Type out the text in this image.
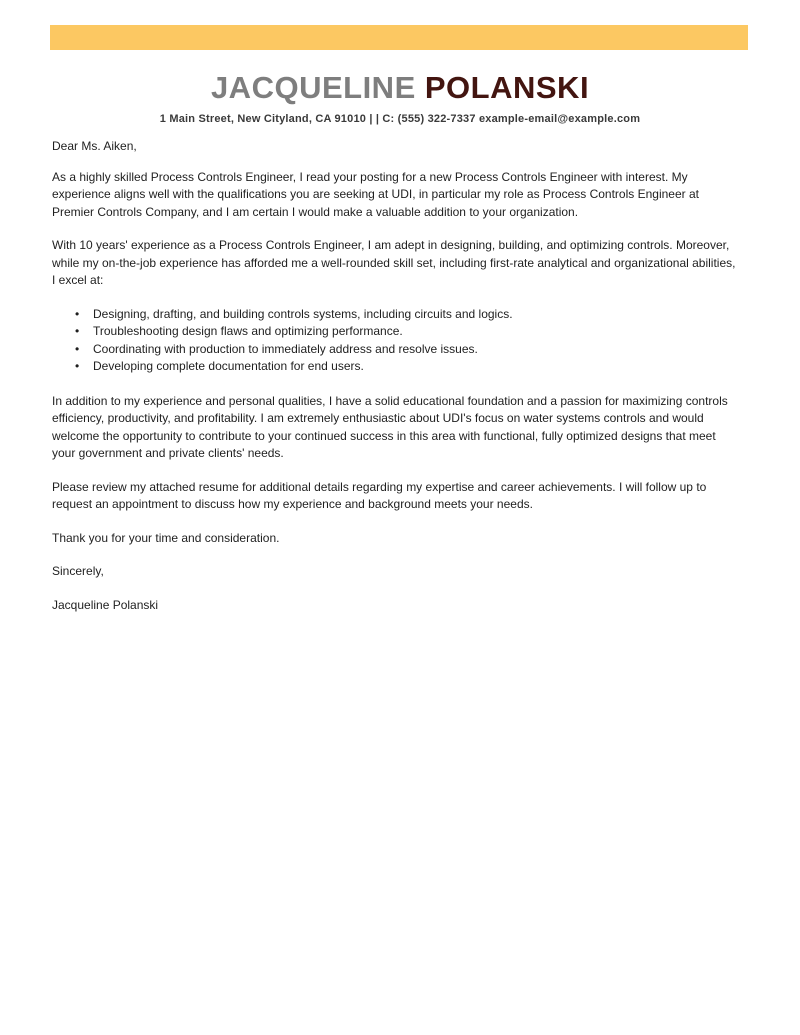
JACQUELINE POLANSKI

1 Main Street, New Cityland, CA 91010 | | C: (555) 322-7337 example-email@example.com

Dear Ms. Aiken,

As a highly skilled Process Controls Engineer, I read your posting for a new Process Controls Engineer with interest. My experience aligns well with the qualifications you are seeking at UDI, in particular my role as Process Controls Engineer at Premier Controls Company, and I am certain I would make a valuable addition to your organization.

With 10 years' experience as a Process Controls Engineer, I am adept in designing, building, and optimizing controls. Moreover, while my on-the-job experience has afforded me a well-rounded skill set, including first-rate analytical and organizational abilities, I excel at:

• Designing, drafting, and building controls systems, including circuits and logics.
• Troubleshooting design flaws and optimizing performance.
• Coordinating with production to immediately address and resolve issues.
• Developing complete documentation for end users.

In addition to my experience and personal qualities, I have a solid educational foundation and a passion for maximizing controls efficiency, productivity, and profitability. I am extremely enthusiastic about UDI's focus on water systems controls and would welcome the opportunity to contribute to your continued success in this area with functional, fully optimized designs that meet your government and private clients' needs.

Please review my attached resume for additional details regarding my expertise and career achievements. I will follow up to request an appointment to discuss how my experience and background meets your needs.

Thank you for your time and consideration.

Sincerely,

Jacqueline Polanski
